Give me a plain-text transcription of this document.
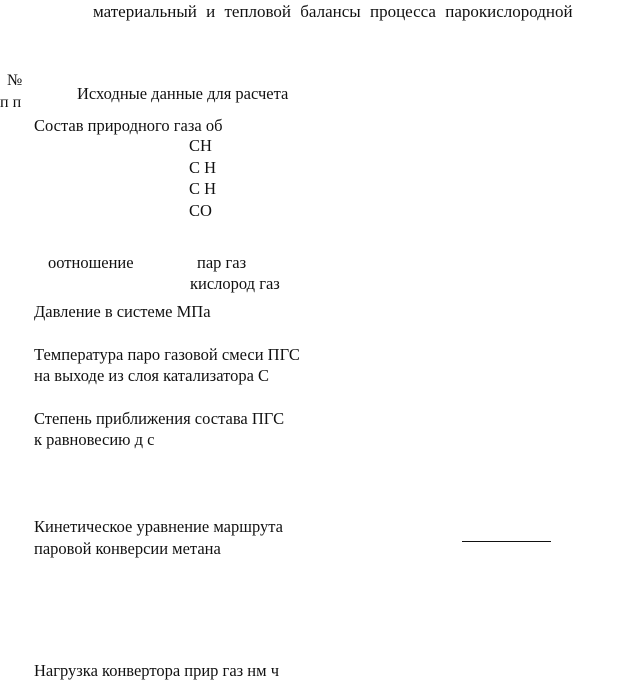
материальный и тепловой балансы процесса парокислородной
№
п п	Исходные данные для расчета
Состав природного газа об
СН
С Н
С Н
СО
оотношение	пар газ
кислород газ
Давление в системе МПа
Температура паро газовой смеси ПГС
на выходе из слоя катализатора С
Степень приближения состава ПГС
к равновесию д с
Кинетическое уравнение маршрута
паровой конверсии метана
Нагрузка конвертора прир газ нм ч
